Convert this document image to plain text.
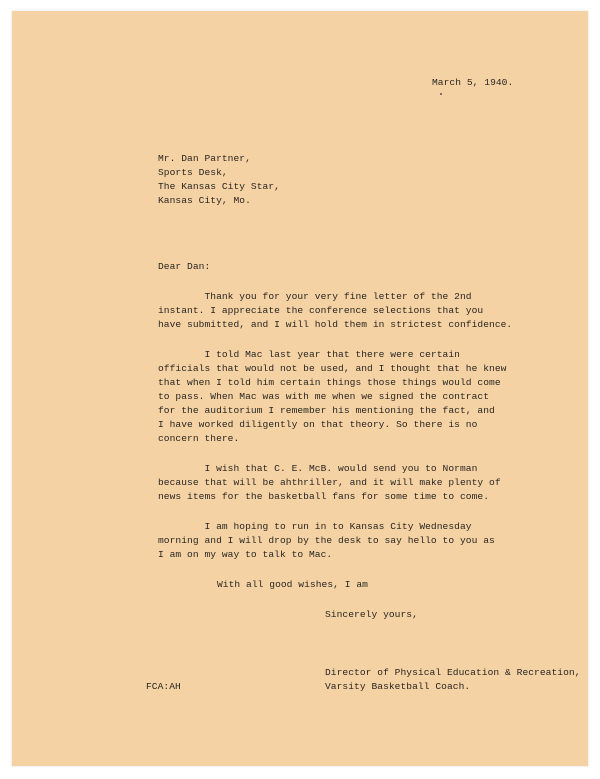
March 5, 1940.
Mr. Dan Partner,
Sports Desk,
The Kansas City Star,
Kansas City, Mo.
Dear Dan:
Thank you for your very fine letter of the 2nd
instant. I appreciate the conference selections that you
have submitted, and I will hold them in strictest confidence.
I told Mac last year that there were certain
officials that would not be used, and I thought that he knew
that when I told him certain things those things would come
to pass. When Mac was with me when we signed the contract
for the auditorium I remember his mentioning the fact, and
I have worked diligently on that theory. So there is no
concern there.
I wish that C. E. McB. would send you to Norman
because that will be ahthriller, and it will make plenty of
news items for the basketball fans for some time to come.
I am hoping to run in to Kansas City Wednesday
morning and I will drop by the desk to say hello to you as
I am on my way to talk to Mac.
With all good wishes, I am
Sincerely yours,
Director of Physical Education & Recreation,
Varsity Basketball Coach.
FCA:AH
